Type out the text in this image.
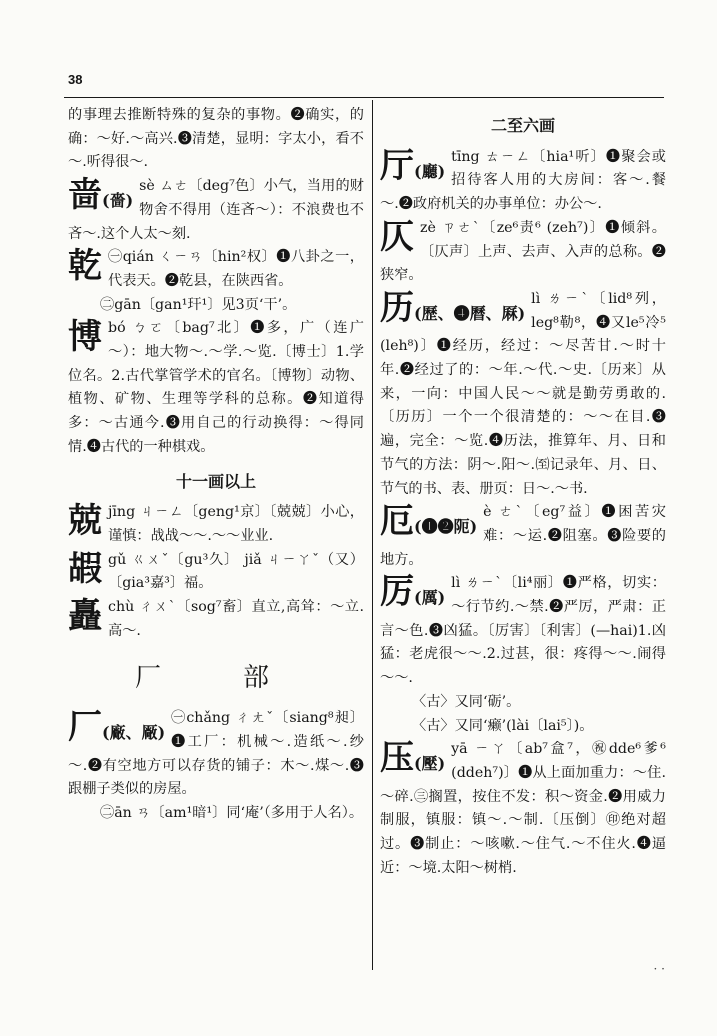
38

的事理去推断特殊的复杂的事物。❷确实，的确：～好.～高兴.❸清楚，显明：字太小，看不～.听得很～.

啬(嗇)
sè ㄙㄜ〔deg⁷色〕小气，当用的财物舍不得用（连吝～）：不浪费也不吝～.这个人太～刻.

乾 ㊀qián ㄑㄧㄢ〔hin²权〕❶八卦之一，代表天。❷乾县，在陕西省。

㊁gān〔gan¹玕¹〕见3页‘干’。

博 bó ㄅㄛ〔bag⁷北〕❶多，广（连广～）：地大物～.～学.～览.〔博士〕1.学位名。2.古代掌管学术的官名。〔博物〕动物、植物、矿物、生理等学科的总称。❷知道得多：～古通今.❸用自己的行动换得：～得同情.❹古代的一种棋戏。

十一画以上

兢 jīng ㄐㄧㄥ〔geng¹京〕〔兢兢〕小心，谨慎：战战～～.～～业业.

嘏 gǔ ㄍㄨˇ〔gu³久〕 jiǎ ㄐㄧㄚˇ（又）〔gia³嘉³〕福。

矗 chù ㄔㄨˋ〔sog⁷畜〕直立,高耸：～立.高～.

厂　部

厂(廠、厰)
㊀chǎng ㄔㄤˇ〔siang⁸昶〕❶工厂：机械～.造纸～.纱～.❷有空地方可以存货的铺子：木～.煤～.❸跟棚子类似的房屋。

㊁ān ㄢ〔am¹暗¹〕同‘庵’（多用于人名）。

二至六画

厅(廳)
tīng ㄊㄧㄥ〔hia¹听〕❶聚会或招待客人用的大房间：客～.餐～.❷政府机关的办事单位：办公～.

仄 zè ㄗㄜˋ〔ze⁶责⁶ (zeh⁷)〕❶倾斜。〔仄声〕上声、去声、入声的总称。❷狭窄。

历(歷、❹曆、厤)
lì ㄌㄧˋ〔lid⁸列，leg⁸勒⁸，❹又le⁵冷⁵ (leh⁸)〕❶经历，经过：～尽苦甘.～时十年.❷经过了的：～年.～代.～史.〔历来〕从来，一向：中国人民～～就是勤劳勇敢的.〔历历〕一个一个很清楚的：～～在目.❸遍，完全：～览.❹历法，推算年、月、日和节气的方法：阴～.阳～.㉃记录年、月、日、节气的书、表、册页：日～.～书.

厄(❶❷阨)
è ㄜˋ〔eg⁷益〕❶困苦灾难：～运.❷阻塞。❸险要的地方。

厉(厲)
lì ㄌㄧˋ〔li⁴丽〕❶严格，切实：～行节约.～禁.❷严厉，严肃：正言～色.❸凶猛。〔厉害〕〔利害〕(—hai)1.凶猛：老虎很～～.2.过甚，很：疼得～～.闹得～～.

〈古〉又同‘砺’。

〈古〉又同‘癞’(lài〔lai⁵〕)。

压(壓)
yā ㄧㄚ〔ab⁷盒⁷，㊗dde⁶爹⁶ (ddeh⁷)〕❶从上面加重力：～住.～碎.㊂搁置，按住不发：积～资金.❷用威力制服，镇服：镇～.～制.〔压倒〕㊞绝对超过。❸制止：～咳嗽.～住气.～不住火.❹逼近：～境.太阳～树梢.

· ·
